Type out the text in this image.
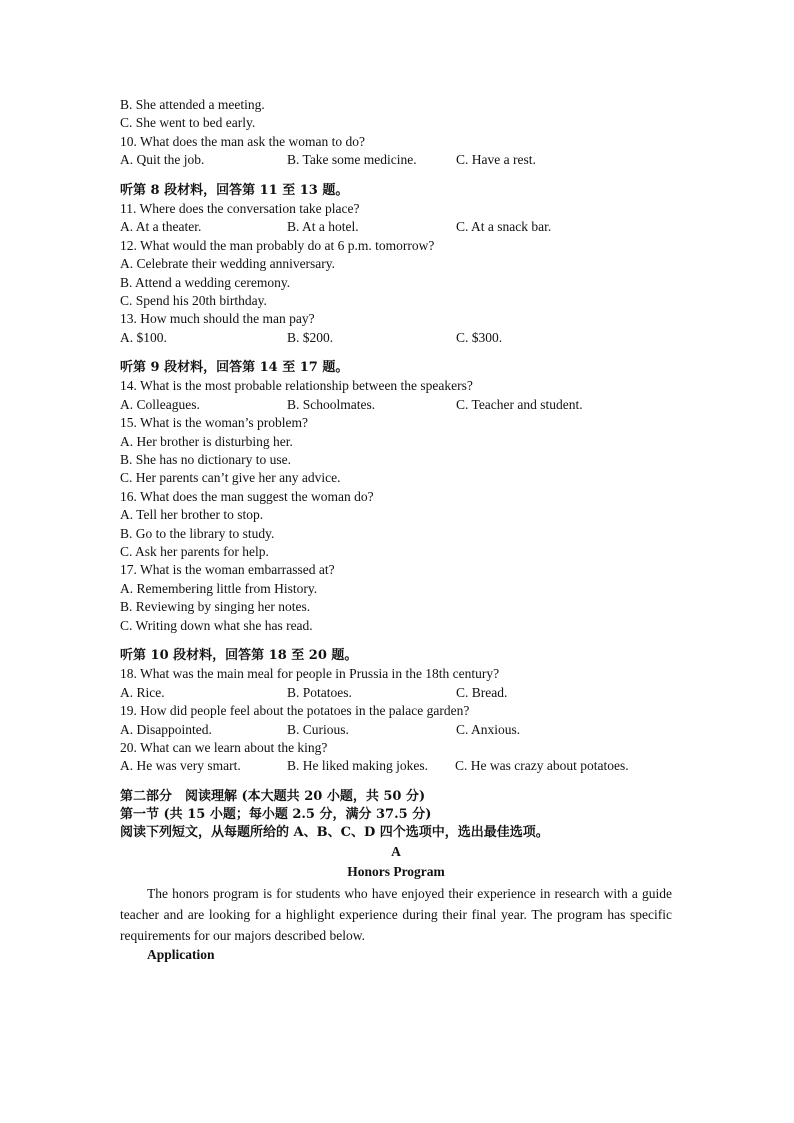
B. She attended a meeting.
C. She went to bed early.
10. What does the man ask the woman to do?
A. Quit the job.	B. Take some medicine.	C. Have a rest.
听第 8 段材料，回答第 11 至 13 题。
11. Where does the conversation take place?
A. At a theater.	B. At a hotel.	C. At a snack bar.
12. What would the man probably do at 6 p.m. tomorrow?
A. Celebrate their wedding anniversary.
B. Attend a wedding ceremony.
C. Spend his 20th birthday.
13. How much should the man pay?
A. $100.	B. $200.	C. $300.
听第 9 段材料，回答第 14 至 17 题。
14. What is the most probable relationship between the speakers?
A. Colleagues.	B. Schoolmates.	C. Teacher and student.
15. What is the woman’s problem?
A. Her brother is disturbing her.
B. She has no dictionary to use.
C. Her parents can’t give her any advice.
16. What does the man suggest the woman do?
A. Tell her brother to stop.
B. Go to the library to study.
C. Ask her parents for help.
17. What is the woman embarrassed at?
A. Remembering little from History.
B. Reviewing by singing her notes.
C. Writing down what she has read.
听第 10 段材料，回答第 18 至 20 题。
18. What was the main meal for people in Prussia in the 18th century?
A. Rice.	B. Potatoes.	C. Bread.
19. How did people feel about the potatoes in the palace garden?
A. Disappointed.	B. Curious.	C. Anxious.
20. What can we learn about the king?
A. He was very smart.	B. He liked making jokes.	C. He was crazy about potatoes.
第二部分　阅读理解 (本大题共 20 小题，共 50 分)
第一节 (共 15 小题；每小题 2.5 分，满分 37.5 分)
阅读下列短文，从每题所给的 A、B、C、D 四个选项中，选出最佳选项。
A
Honors Program
The honors program is for students who have enjoyed their experience in research with a guide teacher and are looking for a highlight experience during their final year. The program has specific requirements for our majors described below.
Application
